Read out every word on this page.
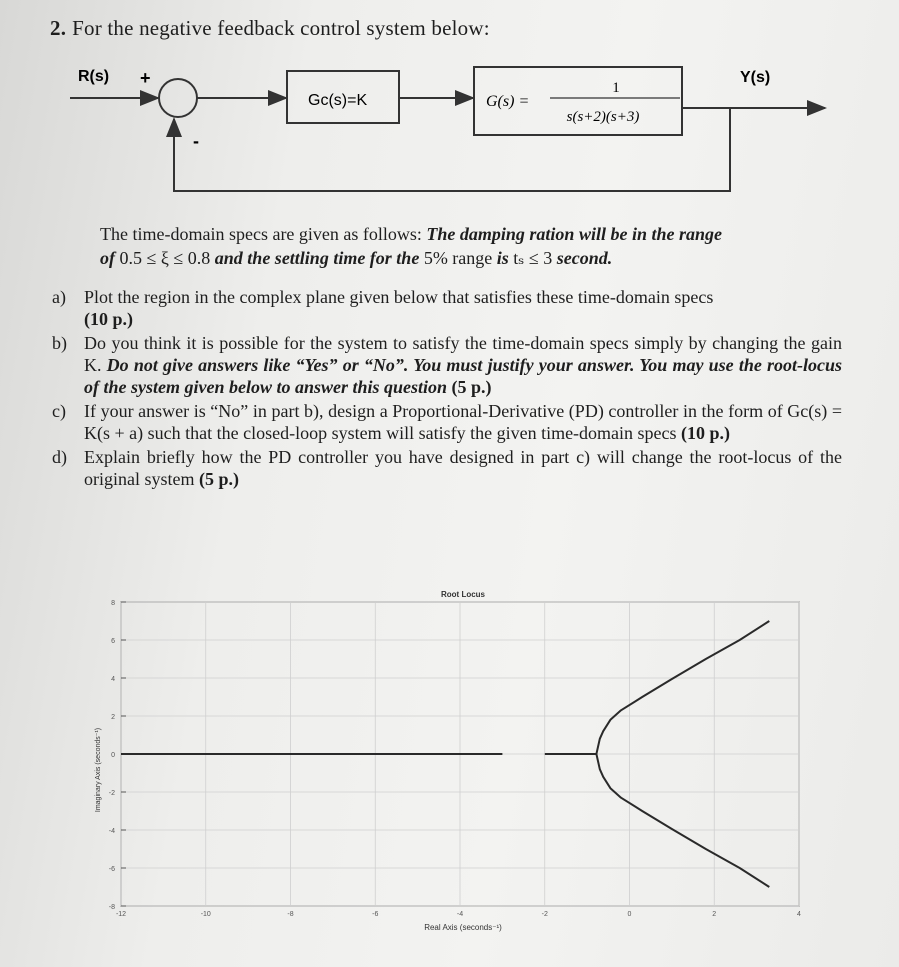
2. For the negative feedback control system below:
R(s) +
Gc(s)=K	G(s) =
1
s(s+2)(s+3)
Y(s)
-
The time-domain specs are given as follows: The damping ration will be in the range
of 0.5 ≤ ξ ≤ 0.8 and the settling time for the 5% range is tₛ ≤ 3 second.
a)	Plot the region in the complex plane given below that satisfies these time-domain specs
(10 p.)
b) Do you think it is possible for the system to satisfy the time-domain specs simply by changing the gain K. Do not give answers like “Yes” or “No”. You must justify your answer. You may use the root-locus of the system given below to answer this question (5 p.)
c)	If your answer is “No” in part b), design a Proportional-Derivative (PD) controller in the form of Gc(s) = K(s + a) such that the closed-loop system will satisfy the given time-domain specs (10 p.)
d) Explain briefly how the PD controller you have designed in part c) will change the root-locus of the original system (5 p.)
Root Locus
Real Axis (seconds⁻¹)
Imaginary Axis (seconds⁻¹)
-12	-10	-8	-6	-4	-2	0	2	4
8
6
4
2
0
-2
-4
-6
-8
